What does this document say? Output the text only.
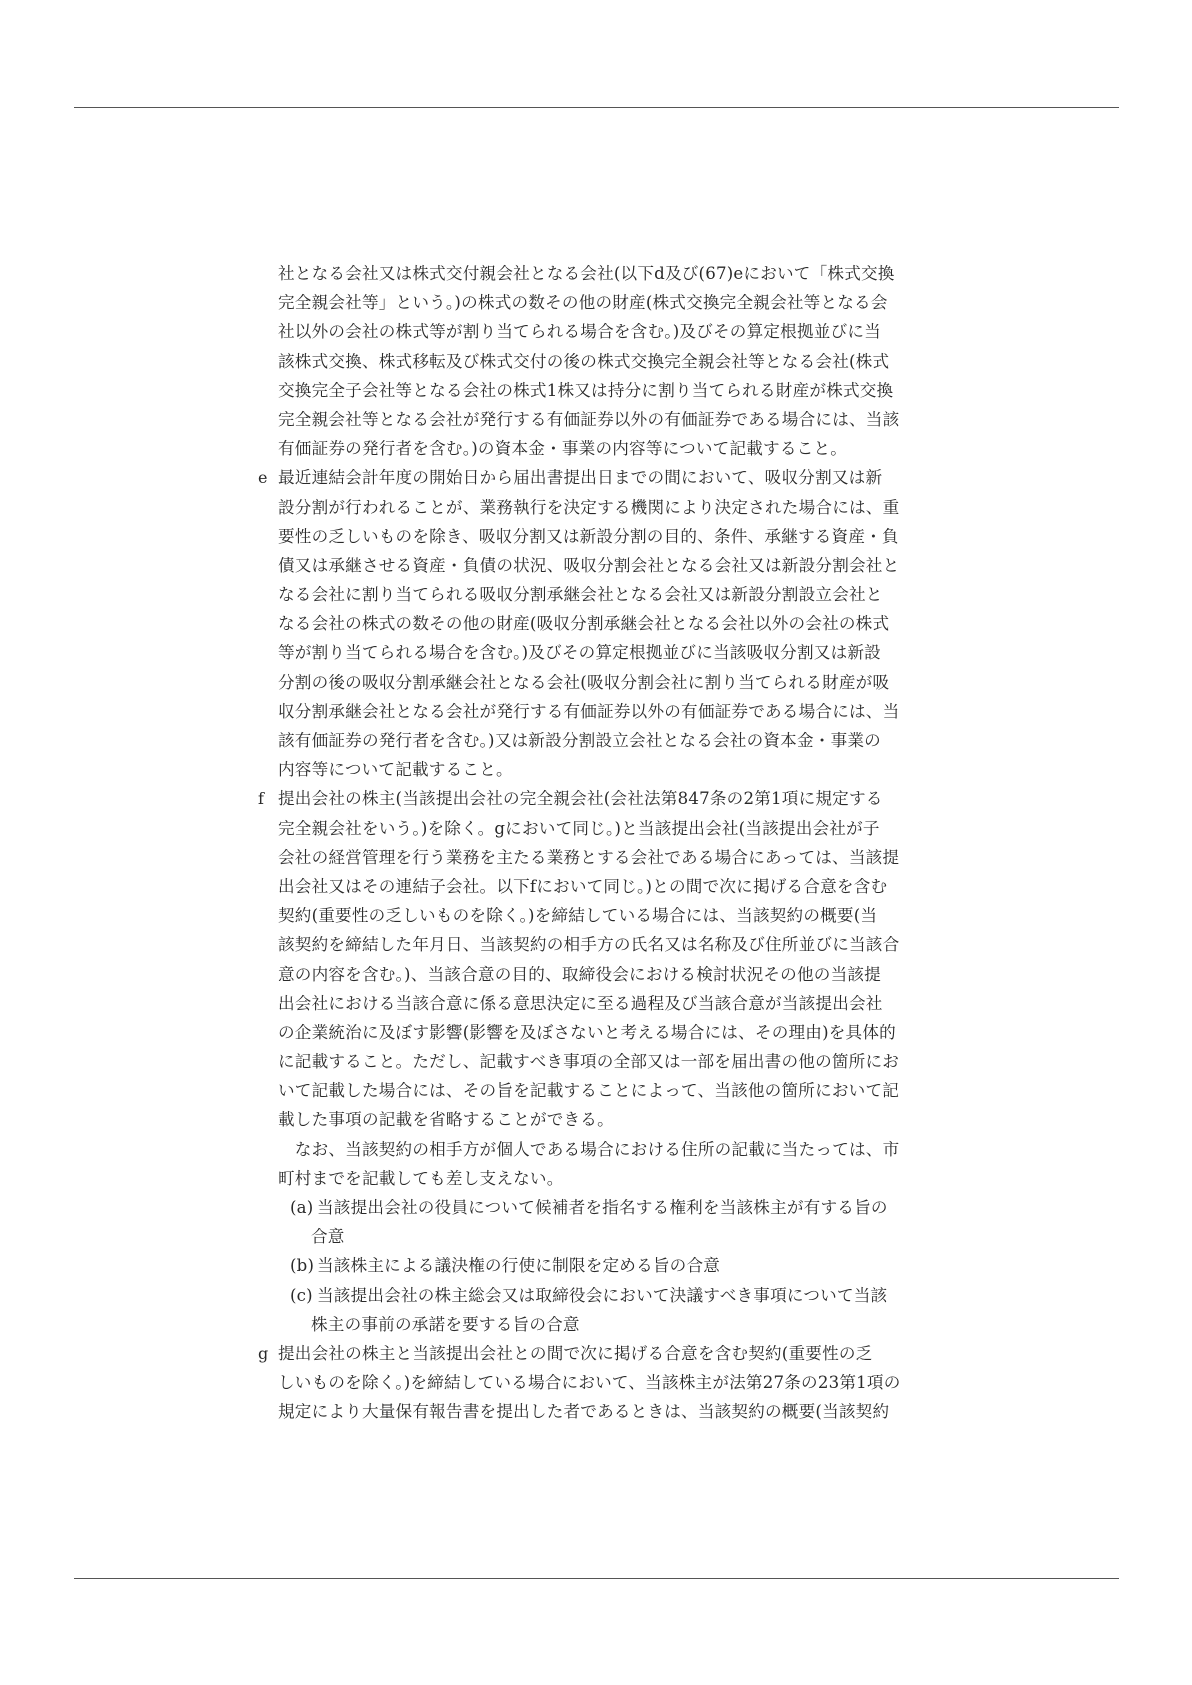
社となる会社又は株式交付親会社となる会社(以下d及び(67)eにおいて「株式交換
完全親会社等」という。)の株式の数その他の財産(株式交換完全親会社等となる会
社以外の会社の株式等が割り当てられる場合を含む。)及びその算定根拠並びに当
該株式交換、株式移転及び株式交付の後の株式交換完全親会社等となる会社(株式
交換完全子会社等となる会社の株式1株又は持分に割り当てられる財産が株式交換
完全親会社等となる会社が発行する有価証券以外の有価証券である場合には、当該
有価証券の発行者を含む。)の資本金・事業の内容等について記載すること。
e 最近連結会計年度の開始日から届出書提出日までの間において、吸収分割又は新
設分割が行われることが、業務執行を決定する機関により決定された場合には、重
要性の乏しいものを除き、吸収分割又は新設分割の目的、条件、承継する資産・負
債又は承継させる資産・負債の状況、吸収分割会社となる会社又は新設分割会社と
なる会社に割り当てられる吸収分割承継会社となる会社又は新設分割設立会社と
なる会社の株式の数その他の財産(吸収分割承継会社となる会社以外の会社の株式
等が割り当てられる場合を含む。)及びその算定根拠並びに当該吸収分割又は新設
分割の後の吸収分割承継会社となる会社(吸収分割会社に割り当てられる財産が吸
収分割承継会社となる会社が発行する有価証券以外の有価証券である場合には、当
該有価証券の発行者を含む。)又は新設分割設立会社となる会社の資本金・事業の
内容等について記載すること。
f 提出会社の株主(当該提出会社の完全親会社(会社法第847条の2第1項に規定する
完全親会社をいう。)を除く。gにおいて同じ。)と当該提出会社(当該提出会社が子
会社の経営管理を行う業務を主たる業務とする会社である場合にあっては、当該提
出会社又はその連結子会社。以下fにおいて同じ。)との間で次に掲げる合意を含む
契約(重要性の乏しいものを除く。)を締結している場合には、当該契約の概要(当
該契約を締結した年月日、当該契約の相手方の氏名又は名称及び住所並びに当該合
意の内容を含む。)、当該合意の目的、取締役会における検討状況その他の当該提
出会社における当該合意に係る意思決定に至る過程及び当該合意が当該提出会社
の企業統治に及ぼす影響(影響を及ぼさないと考える場合には、その理由)を具体的
に記載すること。ただし、記載すべき事項の全部又は一部を届出書の他の箇所にお
いて記載した場合には、その旨を記載することによって、当該他の箇所において記
載した事項の記載を省略することができる。
　なお、当該契約の相手方が個人である場合における住所の記載に当たっては、市
町村までを記載しても差し支えない。
(a) 当該提出会社の役員について候補者を指名する権利を当該株主が有する旨の
合意
(b) 当該株主による議決権の行使に制限を定める旨の合意
(c) 当該提出会社の株主総会又は取締役会において決議すべき事項について当該
株主の事前の承諾を要する旨の合意
g 提出会社の株主と当該提出会社との間で次に掲げる合意を含む契約(重要性の乏
しいものを除く。)を締結している場合において、当該株主が法第27条の23第1項の
規定により大量保有報告書を提出した者であるときは、当該契約の概要(当該契約
